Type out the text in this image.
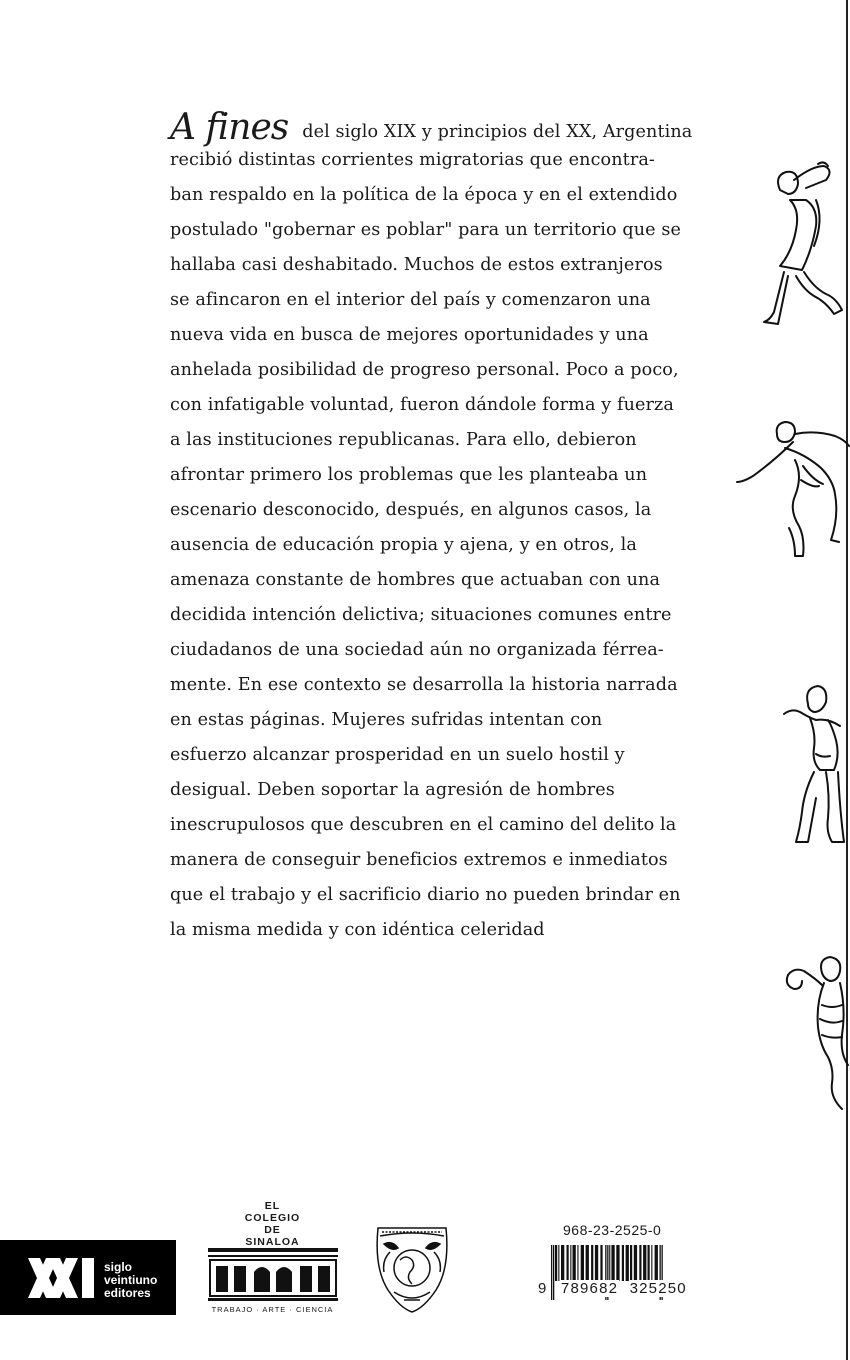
A fines del siglo XIX y principios del XX, Argentina
recibió distintas corrientes migratorias que encontra-
ban respaldo en la política de la época y en el extendido
postulado "gobernar es poblar" para un territorio que se
hallaba casi deshabitado. Muchos de estos extranjeros
se afincaron en el interior del país y comenzaron una
nueva vida en busca de mejores oportunidades y una
anhelada posibilidad de progreso personal. Poco a poco,
con infatigable voluntad, fueron dándole forma y fuerza
a las instituciones republicanas. Para ello, debieron
afrontar primero los problemas que les planteaba un
escenario desconocido, después, en algunos casos, la
ausencia de educación propia y ajena, y en otros, la
amenaza constante de hombres que actuaban con una
decidida intención delictiva; situaciones comunes entre
ciudadanos de una sociedad aún no organizada férrea-
mente. En ese contexto se desarrolla la historia narrada
en estas páginas. Mujeres sufridas intentan con
esfuerzo alcanzar prosperidad en un suelo hostil y
desigual. Deben soportar la agresión de hombres
inescrupulosos que descubren en el camino del delito la
manera de conseguir beneficios extremos e inmediatos
que el trabajo y el sacrificio diario no pueden brindar en
la misma medida y con idéntica celeridad
siglo
veintiuno
editores
EL
COLEGIO
DE
SINALOA
TRABAJO · ARTE · CIENCIA
968-23-2525-0
9 789682 325250
